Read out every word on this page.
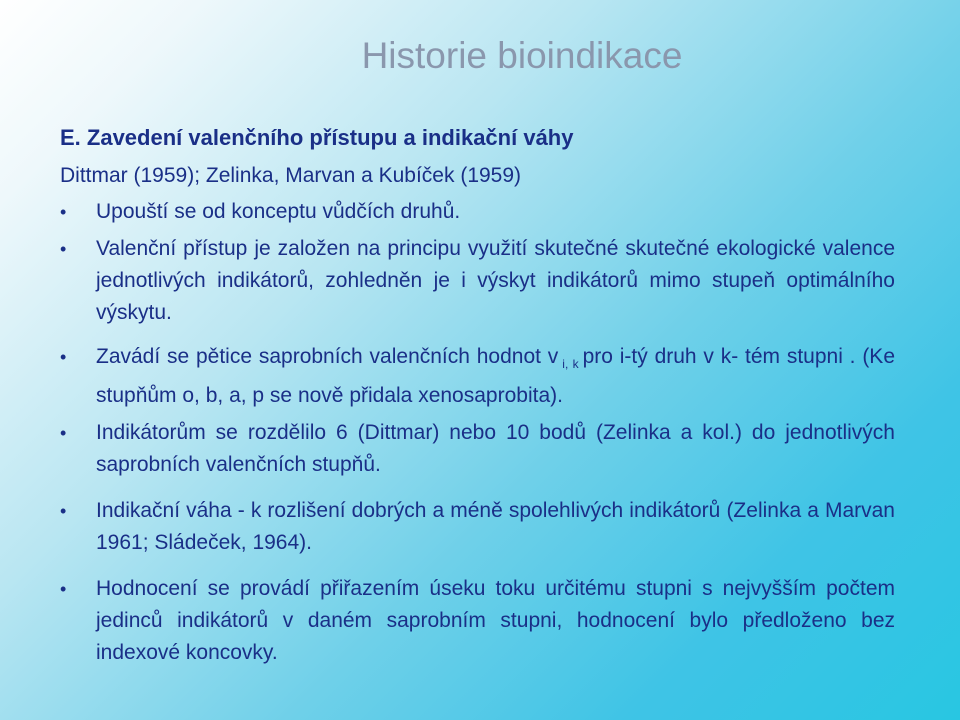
Historie bioindikace
E. Zavedení valenčního přístupu a indikační váhy
Dittmar (1959); Zelinka, Marvan a Kubíček (1959)
• Upouští se od konceptu vůdčích druhů.
• Valenční přístup je založen na principu využití skutečné skutečné ekologické valence jednotlivých indikátorů, zohledněn je i výskyt indikátorů mimo stupeň optimálního výskytu.
• Zavádí se pětice saprobních valenčních hodnot v $_{i, k}$ pro i-tý druh v k- tém stupni . (Ke stupňům o, b, a, p se nově přidala xenosaprobita).
• Indikátorům se rozdělilo 6 (Dittmar) nebo 10 bodů (Zelinka a kol.) do jednotlivých saprobních valenčních stupňů.
• Indikační váha - k rozlišení dobrých a méně spolehlivých indikátorů (Zelinka a Marvan 1961; Sládeček, 1964).
• Hodnocení se provádí přiřazením úseku toku určitému stupni s nejvyšším počtem jedinců indikátorů v daném saprobním stupni, hodnocení bylo předloženo bez indexové koncovky.
